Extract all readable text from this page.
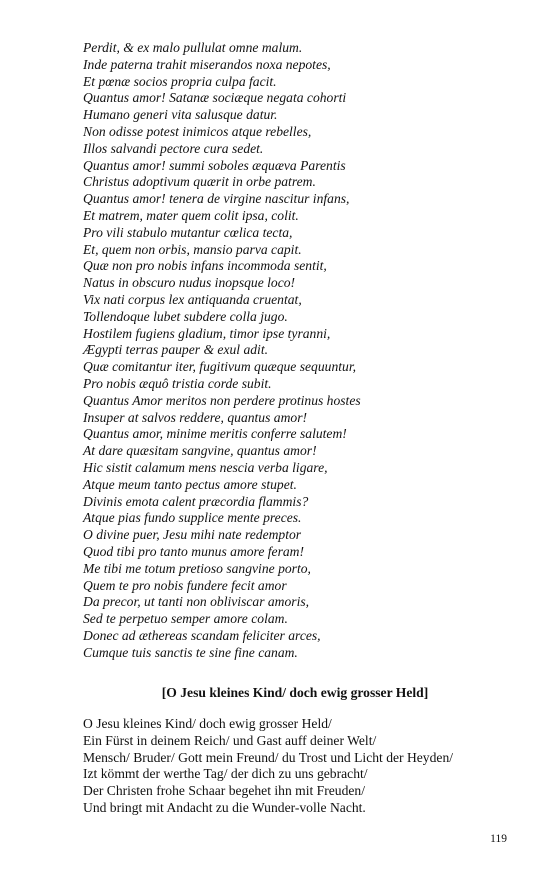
Perdit, & ex malo pullulat omne malum.
Inde paterna trahit miserandos noxa nepotes,
Et pœnæ socios propria culpa facit.
Quantus amor! Satanæ sociæque negata cohorti
Humano generi vita salusque datur.
Non odisse potest inimicos atque rebelles,
Illos salvandi pectore cura sedet.
Quantus amor! summi soboles æquæva Parentis
Christus adoptivum quærit in orbe patrem.
Quantus amor! tenera de virgine nascitur infans,
Et matrem, mater quem colit ipsa, colit.
Pro vili stabulo mutantur cœlica tecta,
Et, quem non orbis, mansio parva capit.
Quæ non pro nobis infans incommoda sentit,
Natus in obscuro nudus inopsque loco!
Vix nati corpus lex antiquanda cruentat,
Tollendoque lubet subdere colla jugo.
Hostilem fugiens gladium, timor ipse tyranni,
Ægypti terras pauper & exul adit.
Quæ comitantur iter, fugitivum quæque sequuntur,
Pro nobis æquô tristia corde subit.
Quantus Amor meritos non perdere protinus hostes
Insuper at salvos reddere, quantus amor!
Quantus amor, minime meritis conferre salutem!
At dare quæsitam sangvine, quantus amor!
Hic sistit calamum mens nescia verba ligare,
Atque meum tanto pectus amore stupet.
Divinis emota calent præcordia flammis?
Atque pias fundo supplice mente preces.
O divine puer, Jesu mihi nate redemptor
Quod tibi pro tanto munus amore feram!
Me tibi me totum pretioso sangvine porto,
Quem te pro nobis fundere fecit amor
Da precor, ut tanti non obliviscar amoris,
Sed te perpetuo semper amore colam.
Donec ad æthereas scandam feliciter arces,
Cumque tuis sanctis te sine fine canam.
[O Jesu kleines Kind/ doch ewig grosser Held]
O Jesu kleines Kind/ doch ewig grosser Held/
Ein Fürst in deinem Reich/ und Gast auff deiner Welt/
Mensch/ Bruder/ Gott mein Freund/ du Trost und Licht der Heyden/
Izt kömmt der werthe Tag/ der dich zu uns gebracht/
Der Christen frohe Schaar begehet ihn mit Freuden/
Und bringt mit Andacht zu die Wunder-volle Nacht.
119
